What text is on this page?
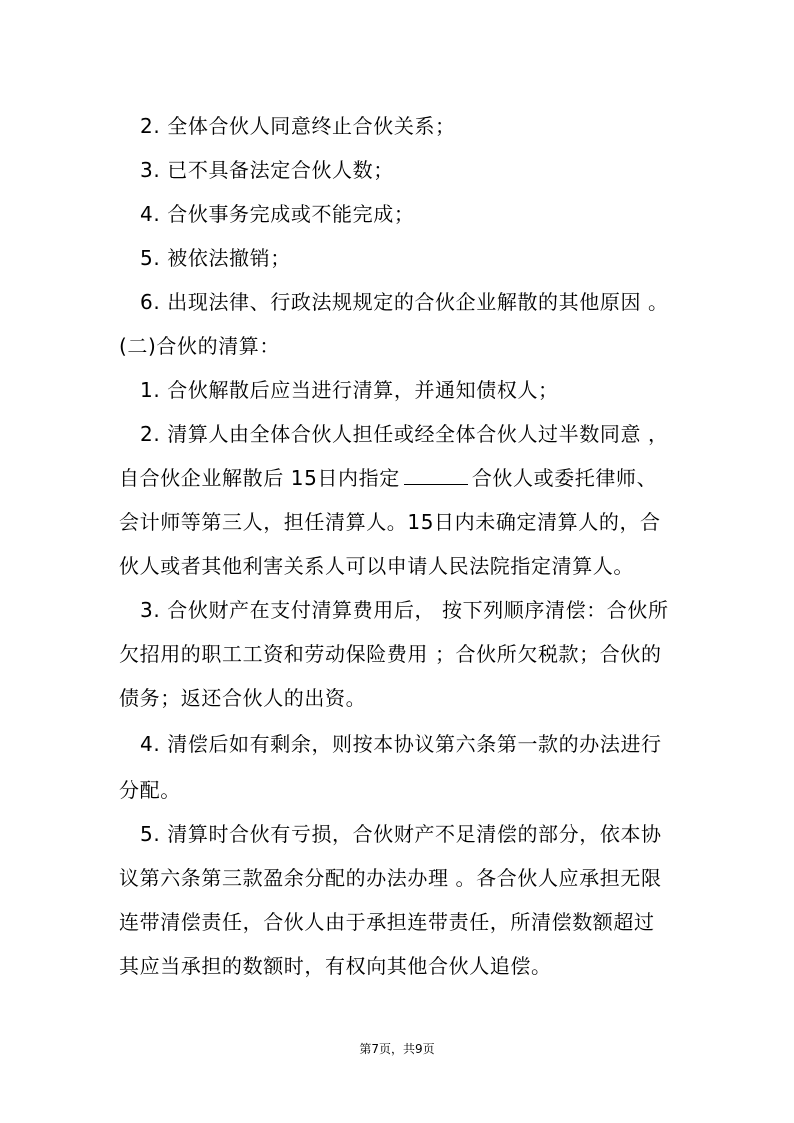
2. 全体合伙人同意终止合伙关系；
3. 已不具备法定合伙人数；
4. 合伙事务完成或不能完成；
5. 被依法撤销；
6. 出现法律、行政法规规定的合伙企业解散的其他原因 。
(二)合伙的清算：
1. 合伙解散后应当进行清算，并通知债权人；
2. 清算人由全体合伙人担任或经全体合伙人过半数同意 ，
自合伙企业解散后 15日内指定	合伙人或委托律师、
会计师等第三人，担任清算人。15日内未确定清算人的，合
伙人或者其他利害关系人可以申请人民法院指定清算人。
3. 合伙财产在支付清算费用后， 按下列顺序清偿：合伙所
欠招用的职工工资和劳动保险费用 ；合伙所欠税款；合伙的
债务；返还合伙人的出资。
4. 清偿后如有剩余，则按本协议第六条第一款的办法进行
分配。
5. 清算时合伙有亏损，合伙财产不足清偿的部分，依本协
议第六条第三款盈余分配的办法办理 。各合伙人应承担无限
连带清偿责任，合伙人由于承担连带责任，所清偿数额超过
其应当承担的数额时，有权向其他合伙人追偿。
第7页，共9页
